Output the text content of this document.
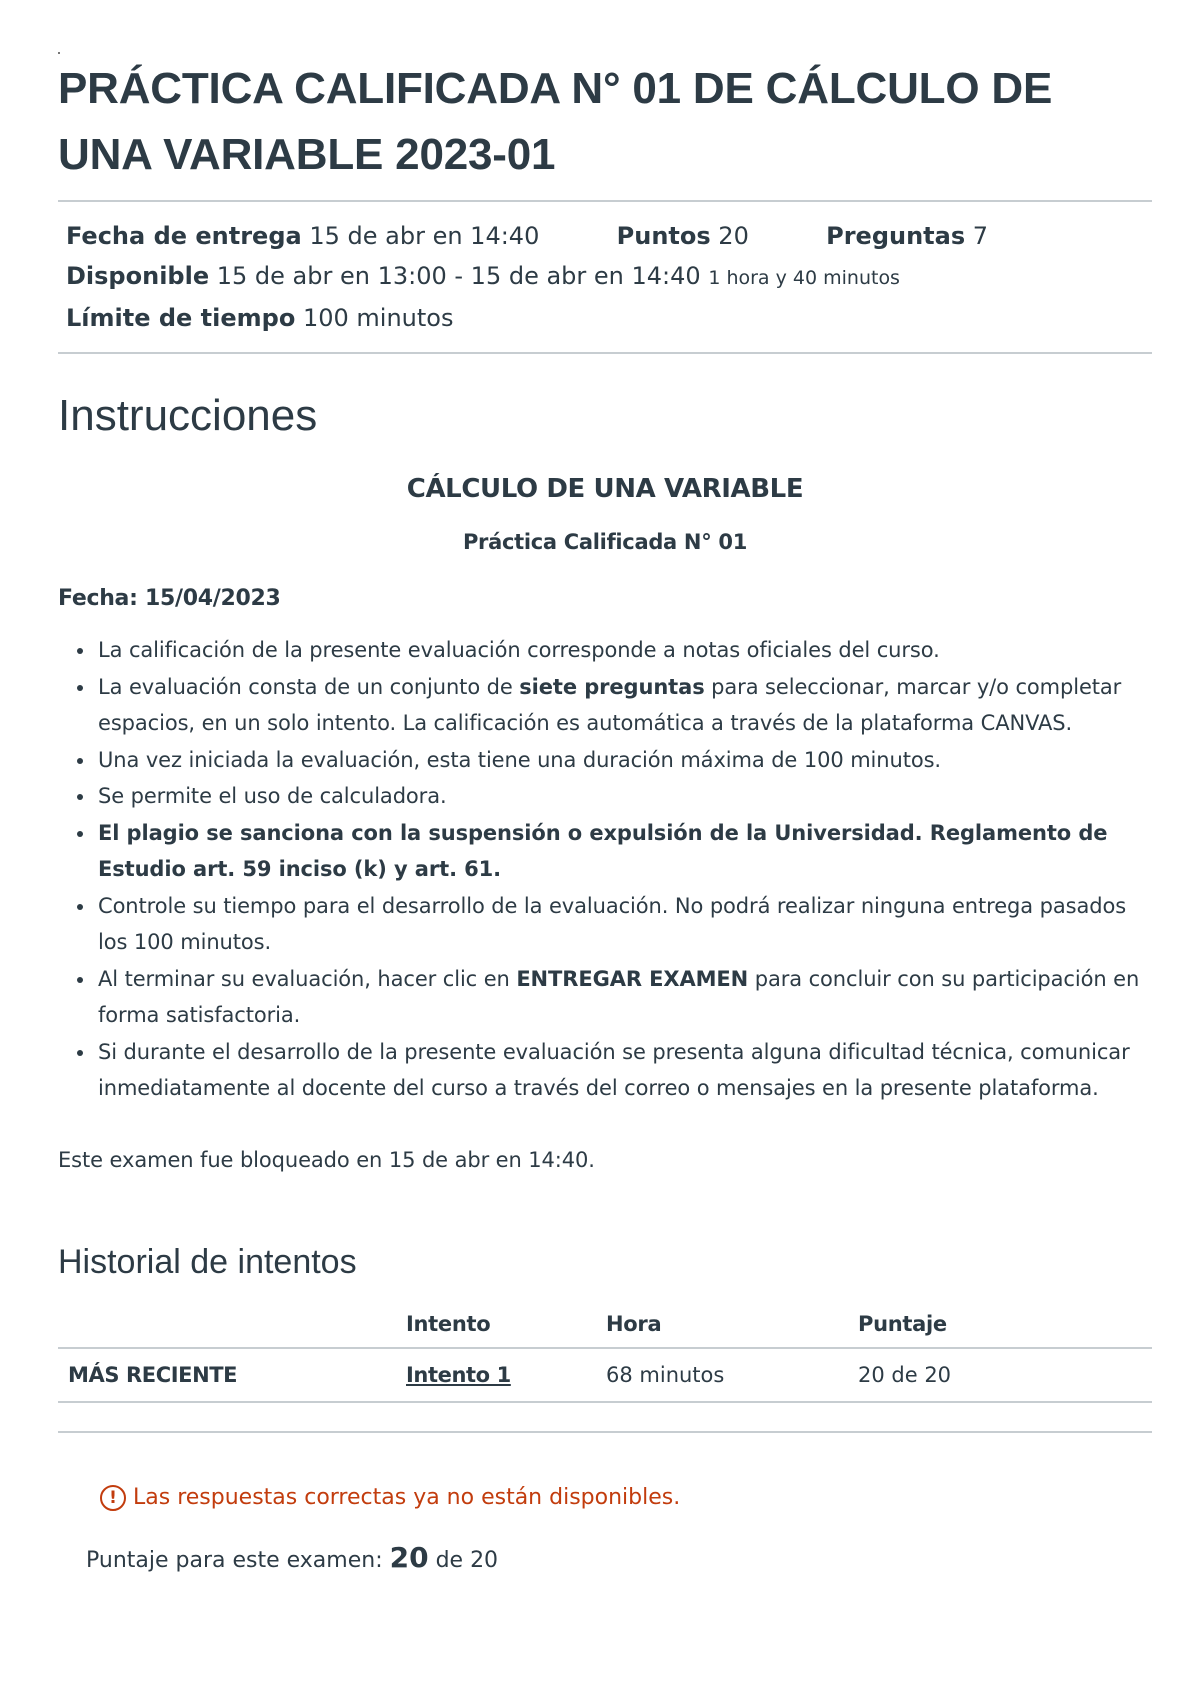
PRÁCTICA CALIFICADA N° 01 DE CÁLCULO DE UNA VARIABLE 2023-01
Fecha de entrega 15 de abr en 14:40	Puntos 20	Preguntas 7
Disponible 15 de abr en 13:00 - 15 de abr en 14:40 1 hora y 40 minutos
Límite de tiempo 100 minutos
Instrucciones
CÁLCULO DE UNA VARIABLE
Práctica Calificada N° 01
Fecha: 15/04/2023
• La calificación de la presente evaluación corresponde a notas oficiales del curso.
• La evaluación consta de un conjunto de siete preguntas para seleccionar, marcar y/o completar espacios, en un solo intento. La calificación es automática a través de la plataforma CANVAS.
• Una vez iniciada la evaluación, esta tiene una duración máxima de 100 minutos.
• Se permite el uso de calculadora.
• El plagio se sanciona con la suspensión o expulsión de la Universidad. Reglamento de Estudio art. 59 inciso (k) y art. 61.
• Controle su tiempo para el desarrollo de la evaluación. No podrá realizar ninguna entrega pasados los 100 minutos.
• Al terminar su evaluación, hacer clic en ENTREGAR EXAMEN para concluir con su participación en forma satisfactoria.
• Si durante el desarrollo de la presente evaluación se presenta alguna dificultad técnica, comunicar inmediatamente al docente del curso a través del correo o mensajes en la presente plataforma.
Este examen fue bloqueado en 15 de abr en 14:40.
Historial de intentos
	Intento	Hora	Puntaje
MÁS RECIENTE	Intento 1	68 minutos	20 de 20
! Las respuestas correctas ya no están disponibles.
Puntaje para este examen: 20 de 20
